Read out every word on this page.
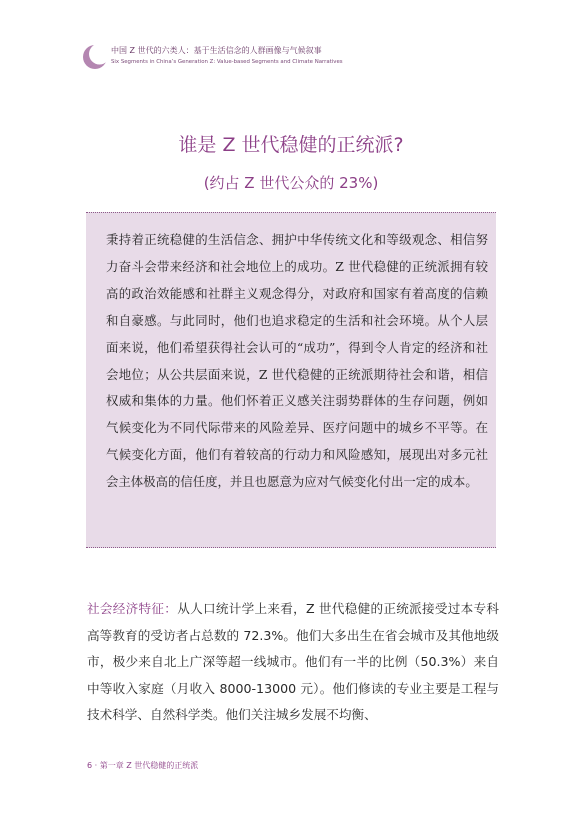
中国 Z 世代的六类人：基于生活信念的人群画像与气候叙事
Six Segments in China’s Generation Z: Value-based Segments and Climate Narratives
谁是 Z 世代稳健的正统派?
(约占 Z 世代公众的 23%)

秉持着正统稳健的生活信念、拥护中华传统文化和等级观念、相信努力奋斗会带来经济和社会地位上的成功。Z 世代稳健的正统派拥有较高的政治效能感和社群主义观念得分，对政府和国家有着高度的信赖和自豪感。与此同时，他们也追求稳定的生活和社会环境。从个人层面来说，他们希望获得社会认可的“成功”，得到令人肯定的经济和社会地位；从公共层面来说，Z 世代稳健的正统派期待社会和谐，相信权威和集体的力量。他们怀着正义感关注弱势群体的生存问题，例如气候变化为不同代际带来的风险差异、医疗问题中的城乡不平等。在气候变化方面，他们有着较高的行动力和风险感知，展现出对多元社会主体极高的信任度，并且也愿意为应对气候变化付出一定的成本。

社会经济特征：从人口统计学上来看，Z 世代稳健的正统派接受过本专科高等教育的受访者占总数的 72.3%。他们大多出生在省会城市及其他地级市，极少来自北上广深等超一线城市。他们有一半的比例（50.3%）来自中等收入家庭（月收入 8000-13000 元）。他们修读的专业主要是工程与技术科学、自然科学类。他们关注城乡发展不均衡、

6 · 第一章 Z 世代稳健的正统派
